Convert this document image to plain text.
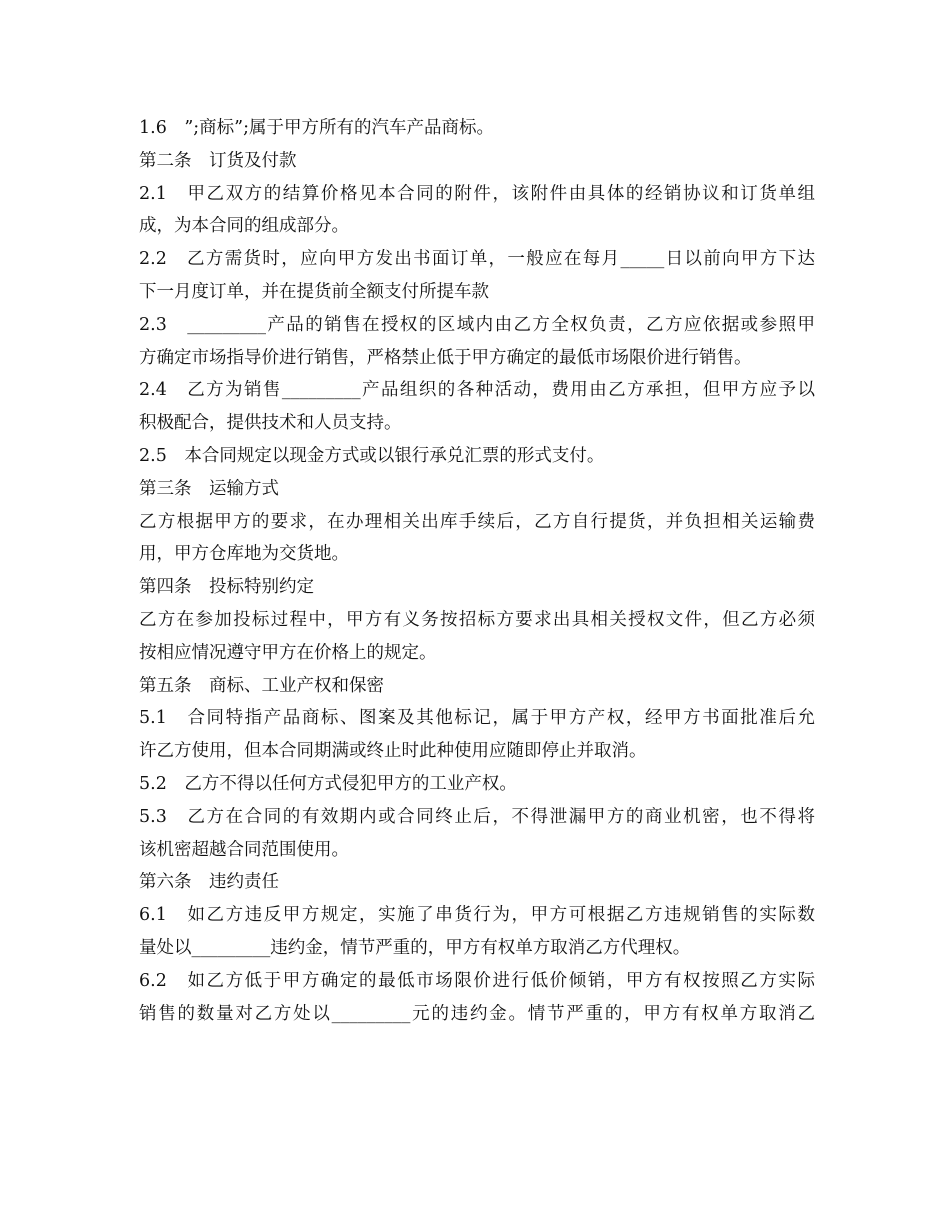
1.6　”;商标”;属于甲方所有的汽车产品商标。
第二条　订货及付款
2.1　甲乙双方的结算价格见本合同的附件，该附件由具体的经销协议和订货单组
成，为本合同的组成部分。
2.2　乙方需货时，应向甲方发出书面订单，一般应在每月_____日以前向甲方下达
下一月度订单，并在提货前全额支付所提车款
2.3　_________产品的销售在授权的区域内由乙方全权负责，乙方应依据或参照甲
方确定市场指导价进行销售，严格禁止低于甲方确定的最低市场限价进行销售。
2.4　乙方为销售_________产品组织的各种活动，费用由乙方承担，但甲方应予以
积极配合，提供技术和人员支持。
2.5　本合同规定以现金方式或以银行承兑汇票的形式支付。
第三条　运输方式
乙方根据甲方的要求，在办理相关出库手续后，乙方自行提货，并负担相关运输费
用，甲方仓库地为交货地。
第四条　投标特别约定
乙方在参加投标过程中，甲方有义务按招标方要求出具相关授权文件，但乙方必须
按相应情况遵守甲方在价格上的规定。
第五条　商标、工业产权和保密
5.1　合同特指产品商标、图案及其他标记，属于甲方产权，经甲方书面批准后允
许乙方使用，但本合同期满或终止时此种使用应随即停止并取消。
5.2　乙方不得以任何方式侵犯甲方的工业产权。
5.3　乙方在合同的有效期内或合同终止后，不得泄漏甲方的商业机密，也不得将
该机密超越合同范围使用。
第六条　违约责任
6.1　如乙方违反甲方规定，实施了串货行为，甲方可根据乙方违规销售的实际数
量处以_________违约金，情节严重的，甲方有权单方取消乙方代理权。
6.2　如乙方低于甲方确定的最低市场限价进行低价倾销，甲方有权按照乙方实际
销售的数量对乙方处以_________元的违约金。情节严重的，甲方有权单方取消乙
